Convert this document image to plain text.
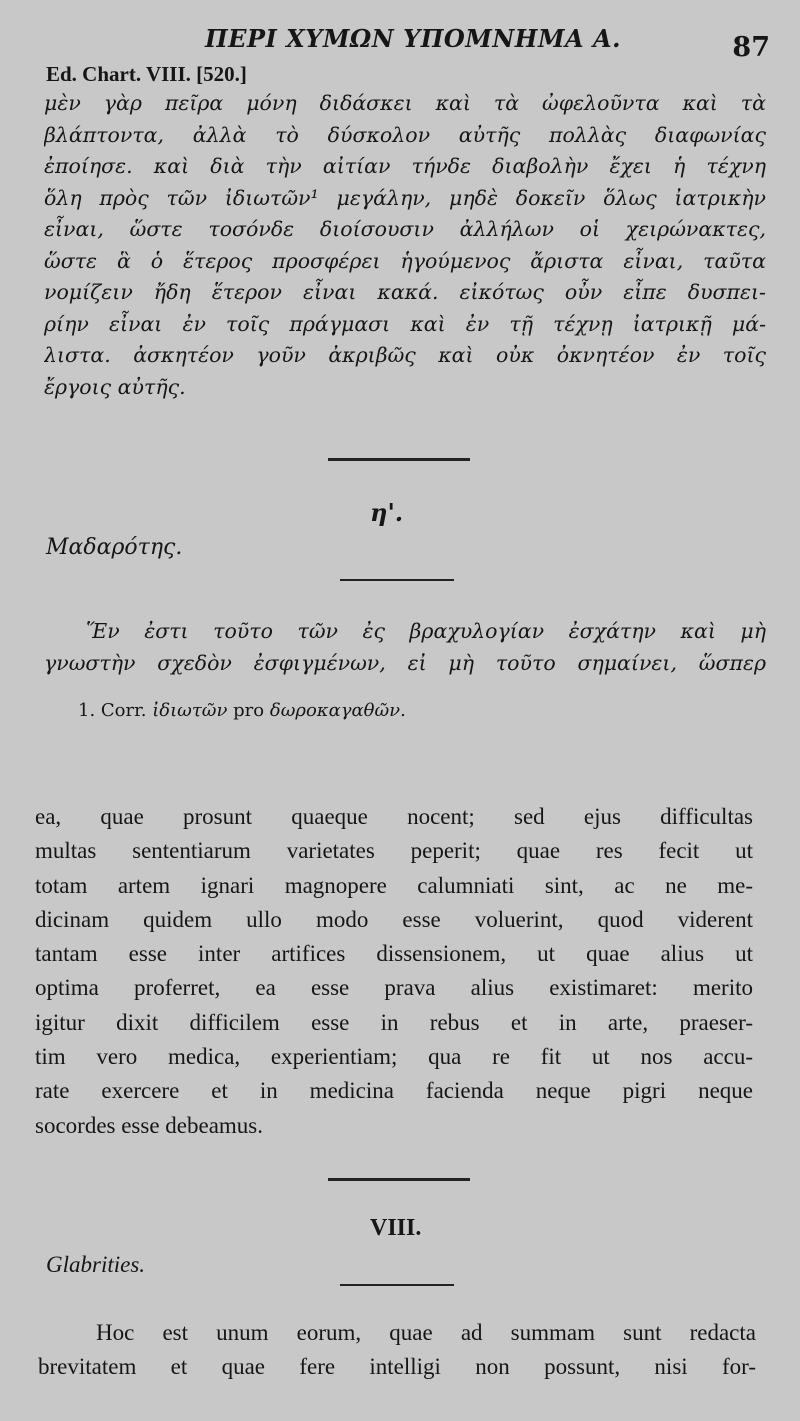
ΠΕΡΙ ΧΥΜΩΝ ΥΠΟΜΝΗΜΑ Α.	87
Ed. Chart. VIII. [520.]
μὲν γὰρ πεῖρα μόνη διδάσκει καὶ τὰ ὠφελοῦντα καὶ τὰ
βλάπτοντα, ἀλλὰ τὸ δύσκολον αὐτῆς πολλὰς διαφωνίας
ἐποίησε. καὶ διὰ τὴν αἰτίαν τήνδε διαβολὴν ἔχει ἡ τέχνη
ὅλη πρὸς τῶν ἰδιωτῶν¹ μεγάλην, μηδὲ δοκεῖν ὅλως ἰατρικὴν
εἶναι, ὥστε τοσόνδε διοίσουσιν ἀλλήλων οἱ χειρώνακτες,
ὥστε ἃ ὁ ἕτερος προσφέρει ἡγούμενος ἄριστα εἶναι, ταῦτα
νομίζειν ἤδη ἕτερον εἶναι κακά. εἰκότως οὖν εἶπε δυσπει-
ρίην εἶναι ἐν τοῖς πράγμασι καὶ ἐν τῇ τέχνῃ ἰατρικῇ μά-
λιστα. ἀσκητέον γοῦν ἀκριβῶς καὶ οὐκ ὀκνητέον ἐν τοῖς
ἔργοις αὐτῆς.
η'.
Μαδαρότης.
Ἕν ἐστι τοῦτο τῶν ἐς βραχυλογίαν ἐσχάτην καὶ μὴ
γνωστὴν σχεδὸν ἐσφιγμένων, εἰ μὴ τοῦτο σημαίνει, ὥσπερ
1. Corr. ἰδιωτῶν pro δωροκαγαθῶν.
ea, quae prosunt quaeque nocent; sed ejus difficultas
multas sententiarum varietates peperit; quae res fecit ut
totam artem ignari magnopere calumniati sint, ac ne me-
dicinam quidem ullo modo esse voluerint, quod viderent
tantam esse inter artifices dissensionem, ut quae alius ut
optima proferret, ea esse prava alius existimaret: merito
igitur dixit difficilem esse in rebus et in arte, praeser-
tim vero medica, experientiam; qua re fit ut nos accu-
rate exercere et in medicina facienda neque pigri neque
socordes esse debeamus.
VIII.
Glabrities.
Hoc est unum eorum, quae ad summam sunt redacta
brevitatem et quae fere intelligi non possunt, nisi for-
